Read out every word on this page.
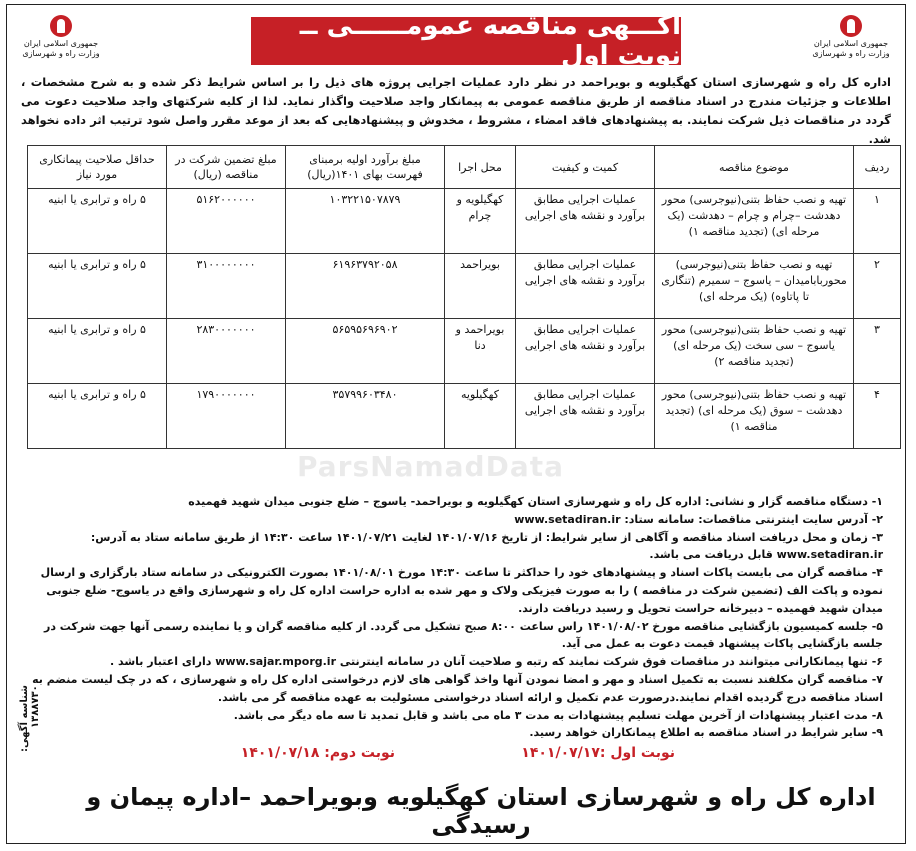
جمهوری اسلامی ایران
وزارت راه و شهرسازی
آگـــهی مناقصه عمومــــــی ــ نوبت اول
جمهوری اسلامی ایران
وزارت راه و شهرسازی
اداره کل راه و شهرسازی استان کهگیلویه و بویراحمد در نظر دارد عملیات اجرایی پروژه های ذیل را بر اساس شرایط ذکر شده و به شرح مشخصات ، اطلاعات و جزئیات مندرج در اسناد مناقصه از طریق مناقصه عمومی به پیمانکار واجد صلاحیت واگذار نماید. لذا از کلیه شرکتهای واجد صلاحیت دعوت می گردد در مناقصات ذیل شرکت نمایند. به پیشنهادهای فاقد امضاء ، مشروط ، مخدوش و پیشنهادهایی که بعد از موعد مقرر واصل شود ترتیب اثر داده نخواهد شد.
ردیف	موضوع مناقصه	کمیت و کیفیت	محل اجرا	مبلغ برآورد اولیه برمبنای فهرست بهای ۱۴۰۱(ریال)	مبلغ تضمین شرکت در مناقصه (ریال)	حداقل صلاحیت پیمانکاری مورد نیاز
۱	تهیه و نصب حفاظ بتنی(نیوجرسی) محور دهدشت –چرام و چرام – دهدشت (یک مرحله ای) (تجدید مناقصه ۱)	عملیات اجرایی مطابق برآورد و نقشه های اجرایی	کهگیلویه و چرام	۱۰۳۲۲۱۵۰۷۸۷۹	۵۱۶۲۰۰۰۰۰۰	۵ راه و ترابری یا ابنیه
۲	تهیه و نصب حفاظ بتنی(نیوجرسی) محوربابامیدان – یاسوج – سمیرم (تنگاری تا پاتاوه) (یک مرحله ای)	عملیات اجرایی مطابق برآورد و نقشه های اجرایی	بویراحمد	۶۱۹۶۳۷۹۲۰۵۸	۳۱۰۰۰۰۰۰۰۰	۵ راه و ترابری یا ابنیه
۳	تهیه و نصب حفاظ بتنی(نیوجرسی) محور یاسوج – سی سخت (یک مرحله ای) (تجدید مناقصه ۲)	عملیات اجرایی مطابق برآورد و نقشه های اجرایی	بویراحمد و دنا	۵۶۵۹۵۶۹۶۹۰۲	۲۸۳۰۰۰۰۰۰۰	۵ راه و ترابری یا ابنیه
۴	تهیه و نصب حفاظ بتنی(نیوجرسی) محور دهدشت – سوق (یک مرحله ای) (تجدید مناقصه ۱)	عملیات اجرایی مطابق برآورد و نقشه های اجرایی	کهگیلویه	۳۵۷۹۹۶۰۳۴۸۰	۱۷۹۰۰۰۰۰۰۰	۵ راه و ترابری یا ابنیه
ParsNamadData
۱- دستگاه مناقصه گزار و نشانی: اداره کل راه و شهرسازی استان کهگیلویه و بویراحمد- یاسوج – ضلع جنوبی میدان شهید فهمیده
۲- آدرس سایت اینترنتی مناقصات: سامانه ستاد: www.setadiran.ir
۳- زمان و محل دریافت اسناد مناقصه و آگاهی از سایر شرایط: از تاریخ ۱۴۰۱/۰۷/۱۶ لغایت ۱۴۰۱/۰۷/۲۱ ساعت ۱۴:۳۰ از طریق سامانه ستاد به آدرس: www.setadiran.ir قابل دریافت می باشد.
۴- مناقصه گران می بایست پاکات اسناد و پیشنهادهای خود را حداکثر تا ساعت ۱۴:۳۰ مورخ ۱۴۰۱/۰۸/۰۱ بصورت الکترونیکی در سامانه ستاد بارگزاری و ارسال نموده و پاکت الف (تضمین شرکت در مناقصه ) را به صورت فیزیکی ولاک و مهر شده به اداره حراست اداره کل راه و شهرسازی واقع در یاسوج- ضلع جنوبی میدان شهید فهمیده – دبیرخانه حراست تحویل و رسید دریافت دارند.
۵- جلسه کمیسیون بازگشایی مناقصه مورخ ۱۴۰۱/۰۸/۰۲ راس ساعت ۸:۰۰ صبح تشکیل می گردد. از کلیه مناقصه گران و یا نماینده رسمی آنها جهت شرکت در جلسه بازگشایی پاکات پیشنهاد قیمت دعوت به عمل می آید.
۶- تنها پیمانکارانی میتوانند در مناقصات فوق شرکت نمایند که رتبه و صلاحیت آنان در سامانه اینترنتی www.sajar.mporg.ir دارای اعتبار باشد .
۷- مناقصه گران مکلفند نسبت به تکمیل اسناد و مهر و امضا نمودن آنها واخذ گواهی های لازم درخواستی اداره کل راه و شهرسازی ، که در چک لیست منضم به اسناد مناقصه درج گردیده اقدام نمایند.درصورت عدم تکمیل و ارائه اسناد درخواستی مسئولیت به عهده مناقصه گر می باشد.
۸- مدت اعتبار پیشنهادات از آخرین مهلت تسلیم پیشنهادات به مدت ۳ ماه می باشد و قابل تمدید تا سه ماه دیگر می باشد.
۹- سایر شرایط در اسناد مناقصه به اطلاع پیمانکاران خواهد رسید.
نوبت اول :۱۴۰۱/۰۷/۱۷
نوبت دوم: ۱۴۰۱/۰۷/۱۸
اداره کل راه و شهرسازی استان کهگیلویه وبویراحمد –اداره پیمان و رسیدگی
شناسه آگهی: ۱۳۸۸۷۳۰
